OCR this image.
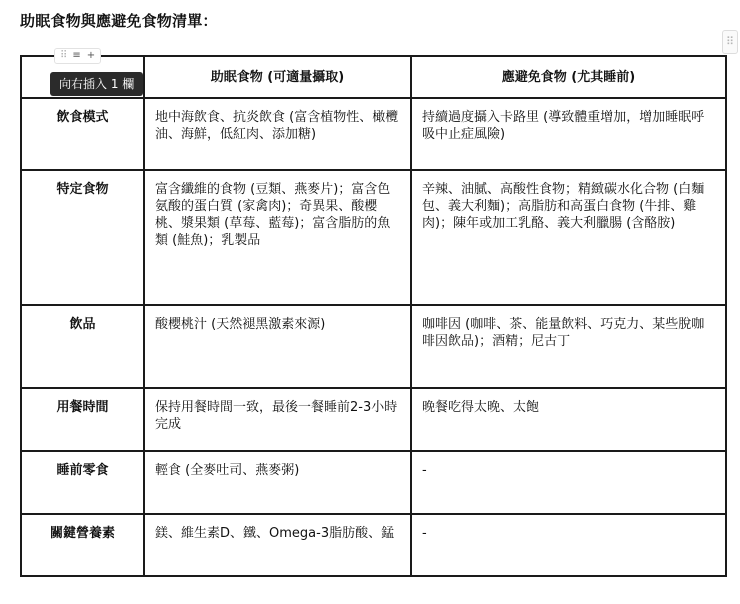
助眠食物與應避免食物清單：
⠿
⠿ ≡ +
向右插入 1 欄
		助眠食物 (可適量攝取)	應避免食物 (尤其睡前)
飲食模式	地中海飲食、抗炎飲食 (富含植物性、橄欖油、海鮮，低紅肉、添加糖)	持續過度攝入卡路里 (導致體重增加，增加睡眠呼吸中止症風險)
特定食物	富含纖維的食物 (豆類、燕麥片)；富含色氨酸的蛋白質 (家禽肉)；奇異果、酸櫻桃、漿果類 (草莓、藍莓)；富含脂肪的魚類 (鮭魚)；乳製品	辛辣、油膩、高酸性食物；精緻碳水化合物 (白麵包、義大利麵)；高脂肪和高蛋白食物 (牛排、雞肉)；陳年或加工乳酪、義大利臘腸 (含酪胺)
飲品	酸櫻桃汁 (天然褪黑激素來源)	咖啡因 (咖啡、茶、能量飲料、巧克力、某些脫咖啡因飲品)；酒精；尼古丁
用餐時間	保持用餐時間一致，最後一餐睡前2-3小時完成	晚餐吃得太晚、太飽
睡前零食	輕食 (全麥吐司、燕麥粥)	-
關鍵營養素	鎂、維生素D、鐵、Omega-3脂肪酸、錳	-
